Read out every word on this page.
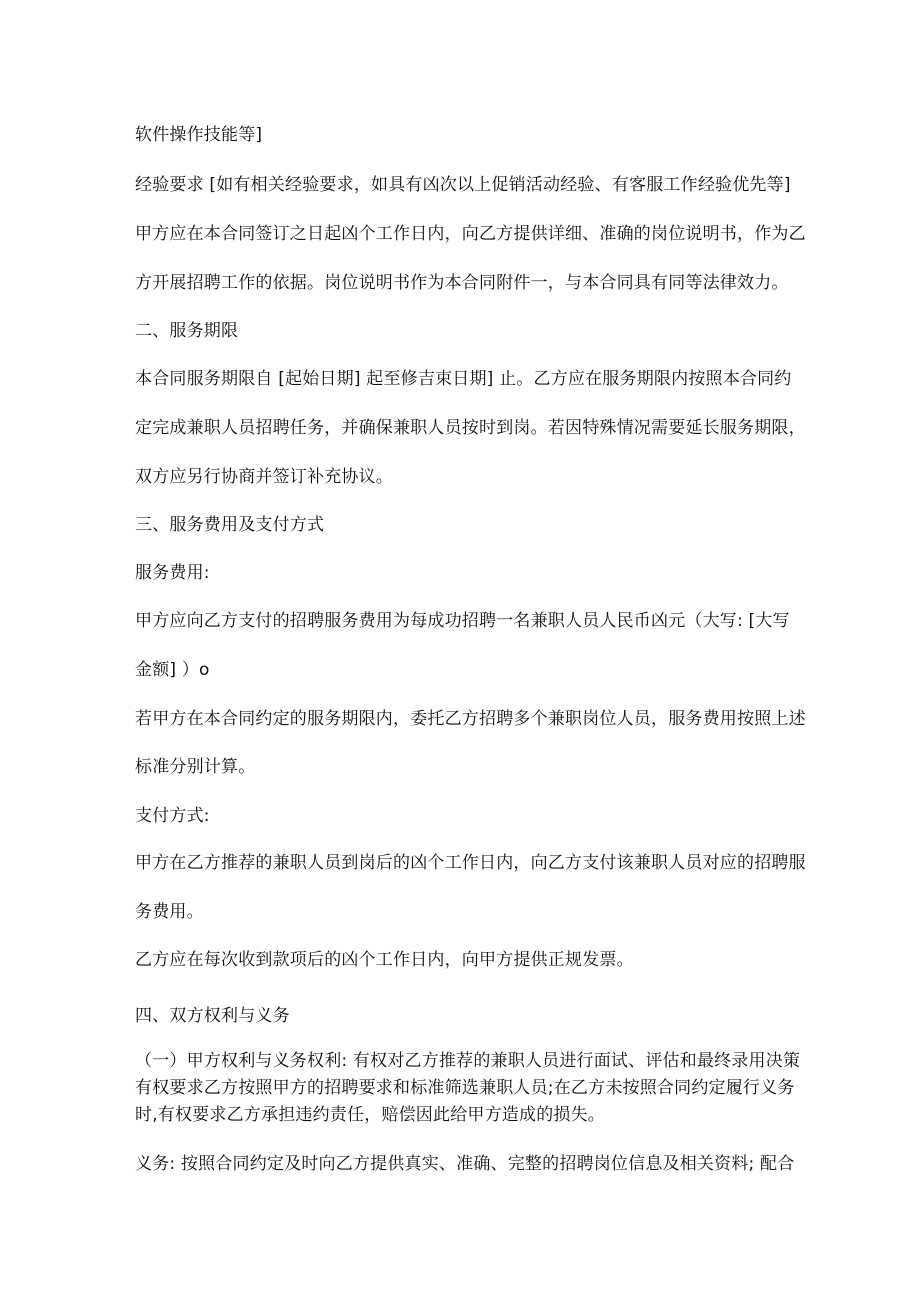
软件操作技能等]

经验要求 [如有相关经验要求，如具有凶次以上促销活动经验、有客服工作经验优先等]

甲方应在本合同签订之日起凶个工作日内，向乙方提供详细、准确的岗位说明书，作为乙

方开展招聘工作的依据。岗位说明书作为本合同附件一，与本合同具有同等法律效力。

二、服务期限

本合同服务期限自 [起始日期] 起至修吉束日期] 止。乙方应在服务期限内按照本合同约

定完成兼职人员招聘任务，并确保兼职人员按时到岗。若因特殊情况需要延长服务期限，

双方应另行协商并签订补充协议。

三、服务费用及支付方式

服务费用:

甲方应向乙方支付的招聘服务费用为每成功招聘一名兼职人员人民币凶元（大写: [大写

金额] ）o

若甲方在本合同约定的服务期限内，委托乙方招聘多个兼职岗位人员，服务费用按照上述

标准分别计算。

支付方式:

甲方在乙方推荐的兼职人员到岗后的凶个工作日内，向乙方支付该兼职人员对应的招聘服

务费用。

乙方应在每次收到款项后的凶个工作日内，向甲方提供正规发票。

四、双方权利与义务

（一）甲方权利与义务权利: 有权对乙方推荐的兼职人员进行面试、评估和最终录用决策

有权要求乙方按照甲方的招聘要求和标准筛选兼职人员;在乙方未按照合同约定履行义务

时,有权要求乙方承担违约责任，赔偿因此给甲方造成的损失。

义务: 按照合同约定及时向乙方提供真实、准确、完整的招聘岗位信息及相关资料; 配合
